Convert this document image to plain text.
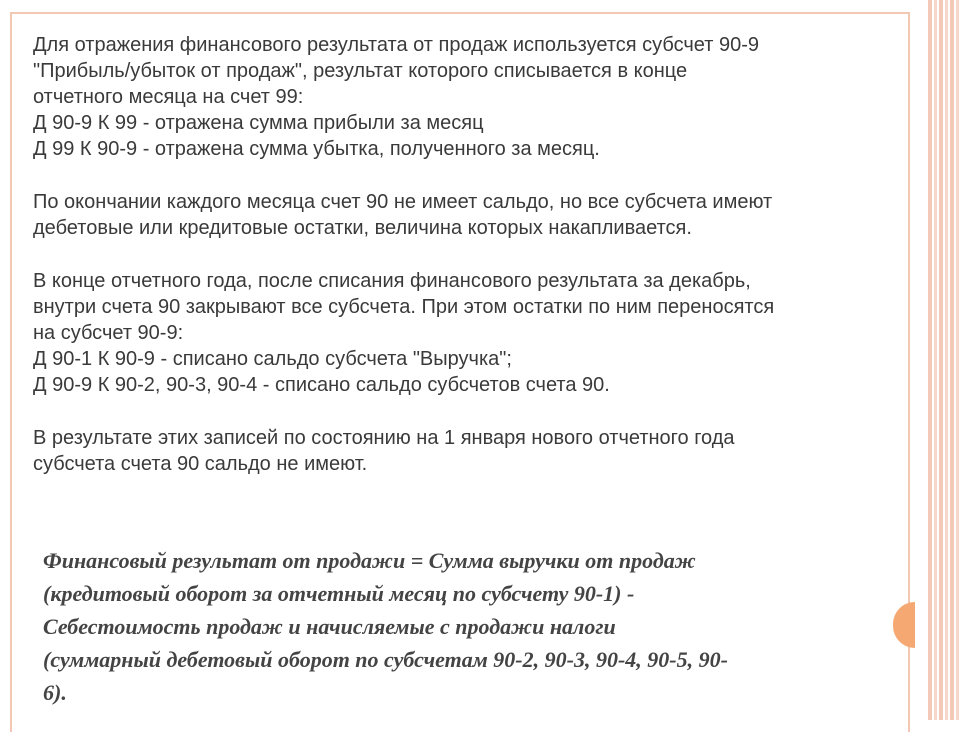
Для отражения финансового результата от продаж используется субсчет 90-9
"Прибыль/убыток от продаж", результат которого списывается в конце
отчетного месяца на счет 99:
Д 90-9 К 99 - отражена сумма прибыли за месяц
Д 99 К 90-9 - отражена сумма убытка, полученного за месяц.
По окончании каждого месяца счет 90 не имеет сальдо, но все субсчета имеют
дебетовые или кредитовые остатки, величина которых накапливается.
В конце отчетного года, после списания финансового результата за декабрь,
внутри счета 90 закрывают все субсчета. При этом остатки по ним переносятся
на субсчет 90-9:
Д 90-1 К 90-9 - списано сальдо субсчета "Выручка";
Д 90-9 К 90-2, 90-3, 90-4 - списано сальдо субсчетов счета 90.
В результате этих записей по состоянию на 1 января нового отчетного года
субсчета счета 90 сальдо не имеют.
Финансовый результат от продажи = Сумма выручки от продаж
(кредитовый оборот за отчетный месяц по субсчету 90-1) -
Себестоимость продаж и начисляемые с продажи налоги
(суммарный дебетовый оборот по субсчетам 90-2, 90-3, 90-4, 90-5, 90-
6).
